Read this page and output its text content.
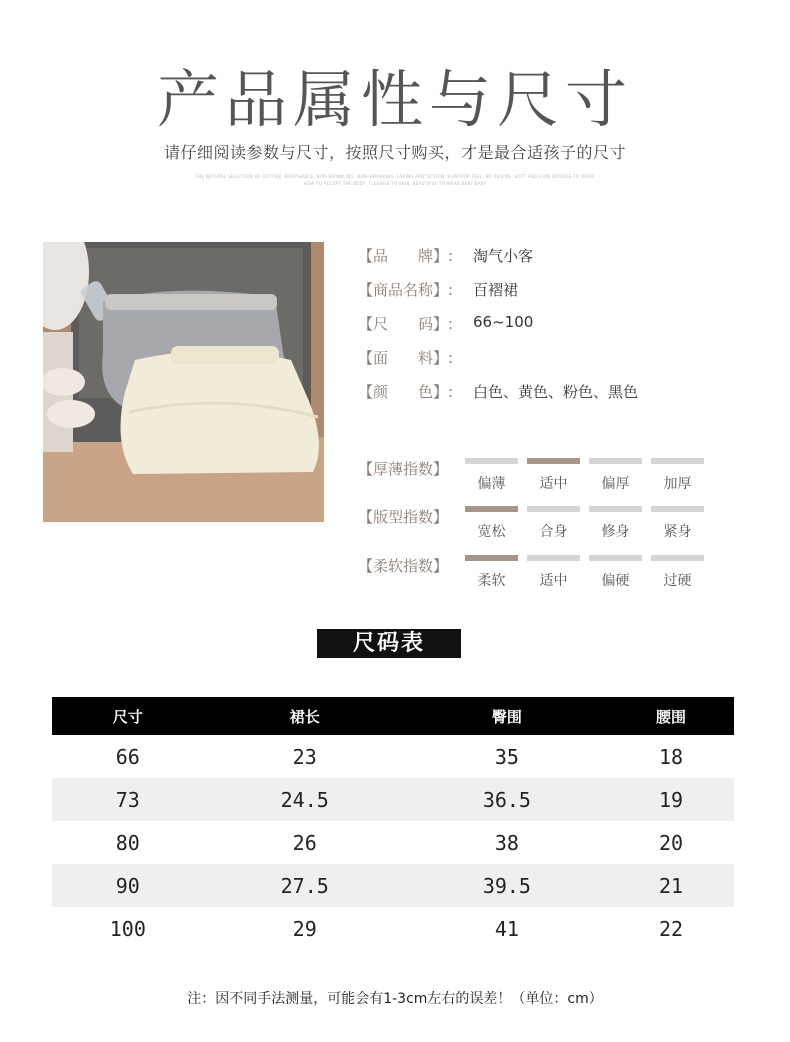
产品属性与尺寸
请仔细阅读参数与尺寸，按照尺寸购买，才是最合适孩子的尺寸
THE NATURAL SELECTION OF COTTON, BREATHABLE, NON-WRINKLING, NON-SHRINKING, FADING PROTECTION, SUPERIOR FEEL, NO PILLING, SOFT AND COMFORTABLE TO WEAR
HOW TO ACCEPT THE BODY, FLEXIBLE TO SKIN, BEAUTIFUL TO WEAR BABY BABY
【品　　牌】: 淘气小客
【商品名称】: 百褶裙
【尺　　码】: 66~100
【面　　料】:
【颜　　色】: 白色、黄色、粉色、黑色
【厚薄指数】
偏薄	适中	偏厚	加厚
【版型指数】
宽松	合身	修身	紧身
【柔软指数】
柔软	适中	偏硬	过硬
尺码表
尺寸	裙长	臀围	腰围
66	23	35	18
73	24.5	36.5	19
80	26	38	20
90	27.5	39.5	21
100	29	41	22
注：因不同手法测量，可能会有1-3cm左右的误差！（单位：cm）
